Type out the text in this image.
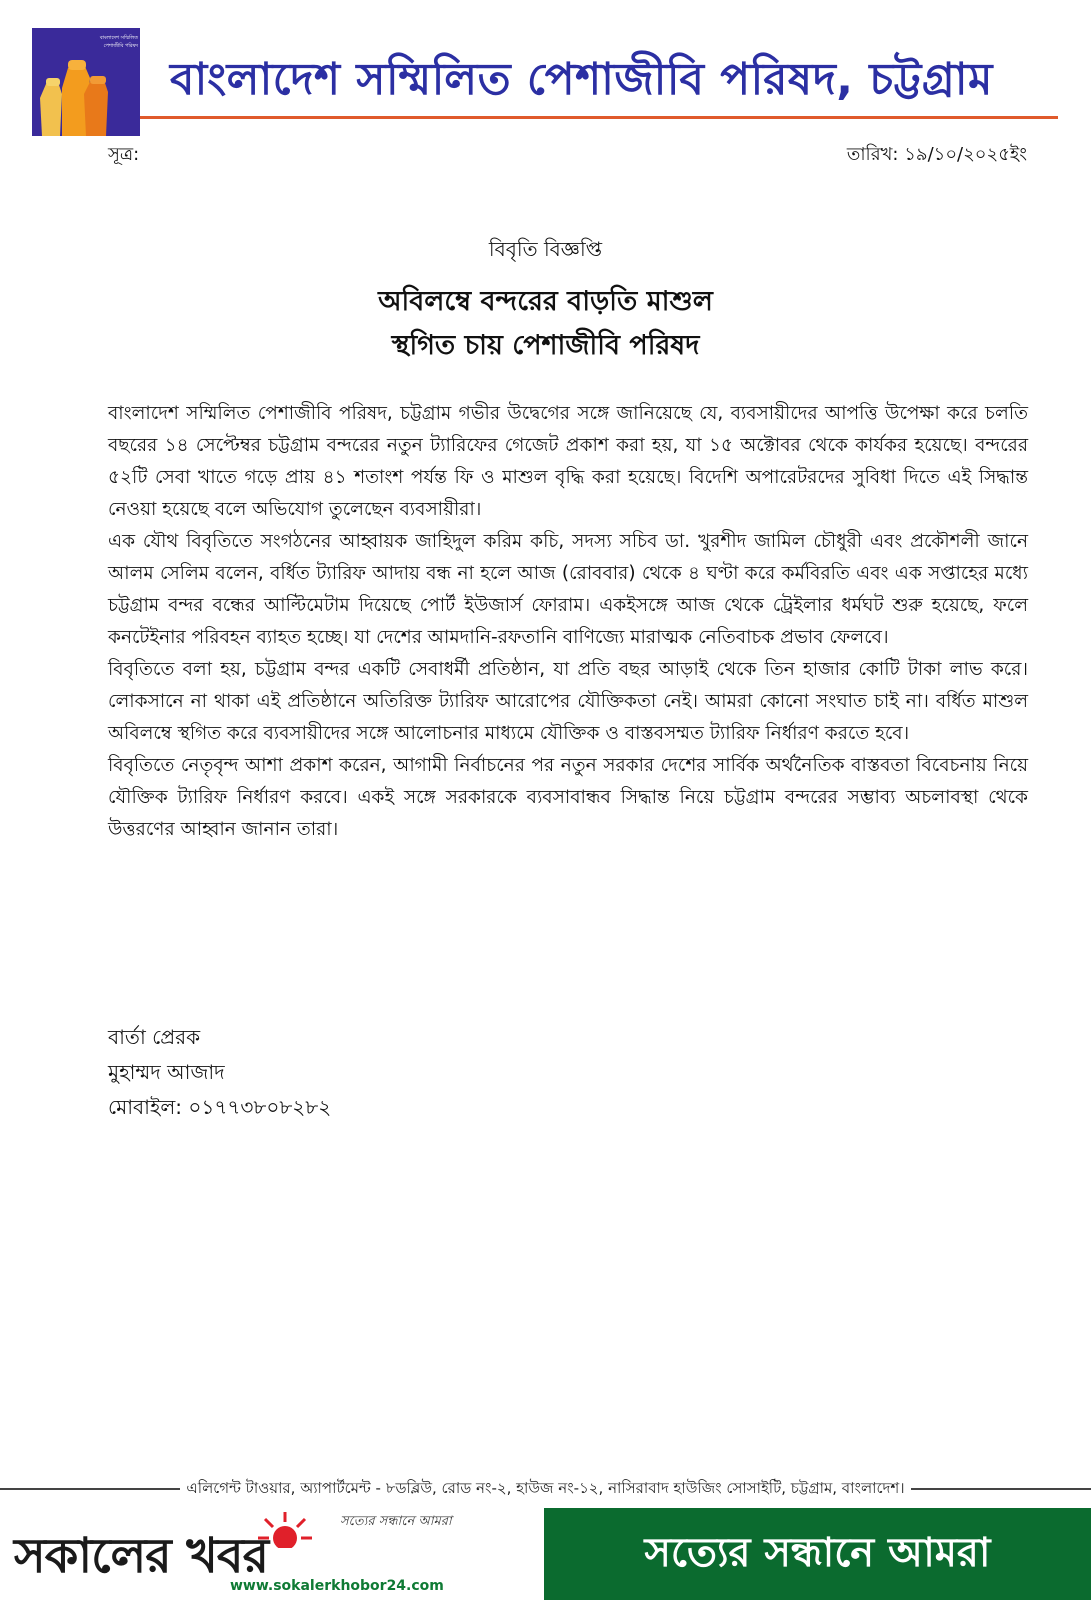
বাংলাদেশ সম্মিলিত পেশাজীবি পরিষদ
বাংলাদেশ সম্মিলিত পেশাজীবি পরিষদ, চট্টগ্রাম
সূত্র:	তারিখ: ১৯/১০/২০২৫ইং
বিবৃতি বিজ্ঞপ্তি
অবিলম্বে বন্দরের বাড়তি মাশুল
স্থগিত চায় পেশাজীবি পরিষদ

বাংলাদেশ সম্মিলিত পেশাজীবি পরিষদ, চট্টগ্রাম গভীর উদ্বেগের সঙ্গে জানিয়েছে যে, ব্যবসায়ীদের আপত্তি উপেক্ষা করে চলতি বছরের ১৪ সেপ্টেম্বর চট্টগ্রাম বন্দরের নতুন ট্যারিফের গেজেট প্রকাশ করা হয়, যা ১৫ অক্টোবর থেকে কার্যকর হয়েছে। বন্দরের ৫২টি সেবা খাতে গড়ে প্রায় ৪১ শতাংশ পর্যন্ত ফি ও মাশুল বৃদ্ধি করা হয়েছে। বিদেশি অপারেটরদের সুবিধা দিতে এই সিদ্ধান্ত নেওয়া হয়েছে বলে অভিযোগ তুলেছেন ব্যবসায়ীরা।

এক যৌথ বিবৃতিতে সংগঠনের আহ্বায়ক জাহিদুল করিম কচি, সদস্য সচিব ডা. খুরশীদ জামিল চৌধুরী এবং প্রকৌশলী জানে আলম সেলিম বলেন, বর্ধিত ট্যারিফ আদায় বন্ধ না হলে আজ (রোববার) থেকে ৪ ঘণ্টা করে কর্মবিরতি এবং এক সপ্তাহের মধ্যে চট্টগ্রাম বন্দর বন্ধের আল্টিমেটাম দিয়েছে পোর্ট ইউজার্স ফোরাম। একইসঙ্গে আজ থেকে ট্রেইলার ধর্মঘট শুরু হয়েছে, ফলে কনটেইনার পরিবহন ব্যাহত হচ্ছে। যা দেশের আমদানি-রফতানি বাণিজ্যে মারাত্মক নেতিবাচক প্রভাব ফেলবে।

বিবৃতিতে বলা হয়, চট্টগ্রাম বন্দর একটি সেবাধর্মী প্রতিষ্ঠান, যা প্রতি বছর আড়াই থেকে তিন হাজার কোটি টাকা লাভ করে। লোকসানে না থাকা এই প্রতিষ্ঠানে অতিরিক্ত ট্যারিফ আরোপের যৌক্তিকতা নেই। আমরা কোনো সংঘাত চাই না। বর্ধিত মাশুল অবিলম্বে স্থগিত করে ব্যবসায়ীদের সঙ্গে আলোচনার মাধ্যমে যৌক্তিক ও বাস্তবসম্মত ট্যারিফ নির্ধারণ করতে হবে।

বিবৃতিতে নেতৃবৃন্দ আশা প্রকাশ করেন, আগামী নির্বাচনের পর নতুন সরকার দেশের সার্বিক অর্থনৈতিক বাস্তবতা বিবেচনায় নিয়ে যৌক্তিক ট্যারিফ নির্ধারণ করবে। একই সঙ্গে সরকারকে ব্যবসাবান্ধব সিদ্ধান্ত নিয়ে চট্টগ্রাম বন্দরের সম্ভাব্য অচলাবস্থা থেকে উত্তরণের আহ্বান জানান তারা।

বার্তা প্রেরক
মুহাম্মদ আজাদ
মোবাইল: ০১৭৭৩৮০৮২৮২
এলিগেন্ট টাওয়ার, অ্যাপার্টমেন্ট - ৮ডব্লিউ, রোড নং-২, হাউজ নং-১২, নাসিরাবাদ হাউজিং সোসাইটি, চট্টগ্রাম, বাংলাদেশ।
সত্যের সন্ধানে আমরা
সকালের খবর
www.sokalerkhobor24.com
সত্যের সন্ধানে আমরা
